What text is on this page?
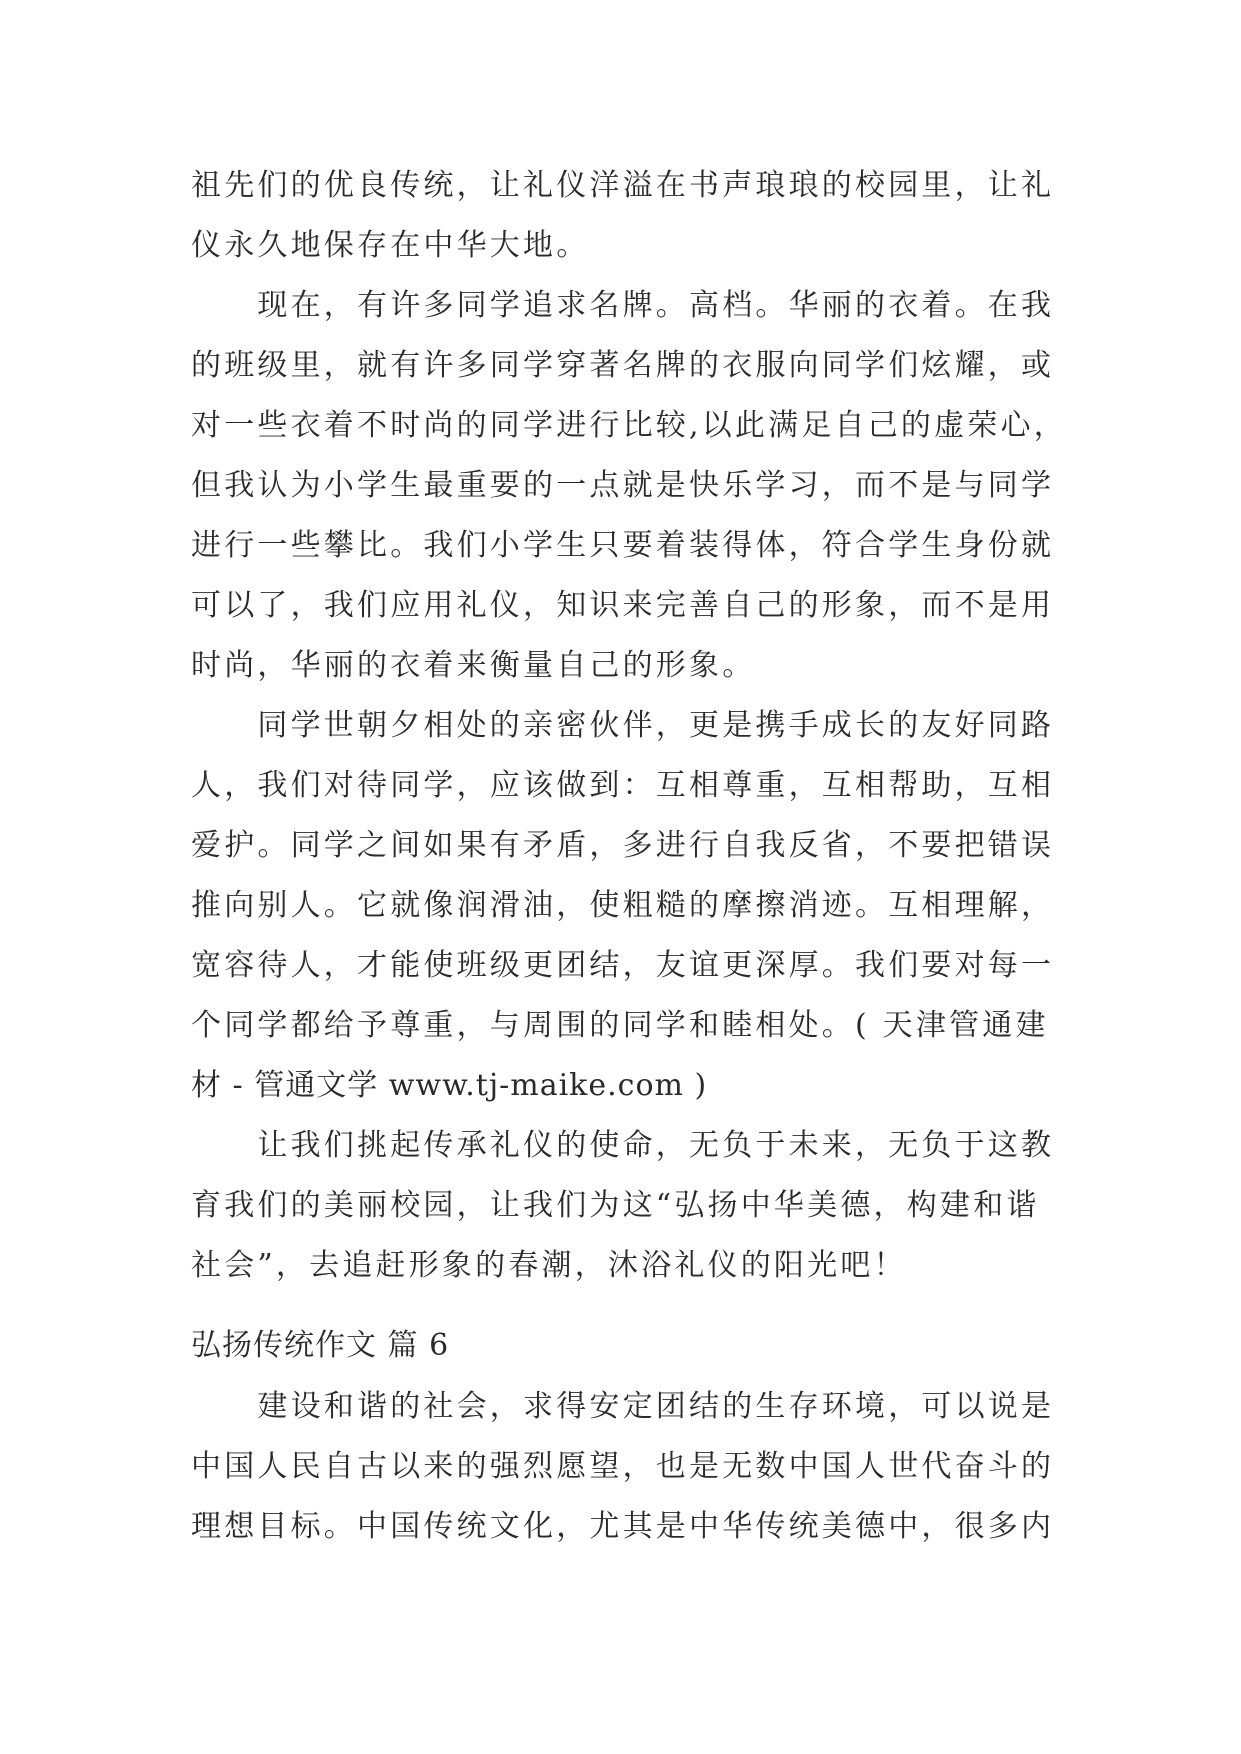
祖先们的优良传统，让礼仪洋溢在书声琅琅的校园里，让礼
仪永久地保存在中华大地。
　　现在，有许多同学追求名牌。高档。华丽的衣着。在我
的班级里，就有许多同学穿著名牌的衣服向同学们炫耀，或
对一些衣着不时尚的同学进行比较,以此满足自己的虚荣心，
但我认为小学生最重要的一点就是快乐学习，而不是与同学
进行一些攀比。我们小学生只要着装得体，符合学生身份就
可以了，我们应用礼仪，知识来完善自己的形象，而不是用
时尚，华丽的衣着来衡量自己的形象。
　　同学世朝夕相处的亲密伙伴，更是携手成长的友好同路
人，我们对待同学，应该做到：互相尊重，互相帮助，互相
爱护。同学之间如果有矛盾，多进行自我反省，不要把错误
推向别人。它就像润滑油，使粗糙的摩擦消迹。互相理解，
宽容待人，才能使班级更团结，友谊更深厚。我们要对每一
个同学都给予尊重，与周围的同学和睦相处。( 天津管通建
材 - 管通文学 www.tj-maike.com )
　　让我们挑起传承礼仪的使命，无负于未来，无负于这教
育我们的美丽校园，让我们为这“弘扬中华美德，构建和谐
社会”，去追赶形象的春潮，沐浴礼仪的阳光吧！
弘扬传统作文 篇 6
　　建设和谐的社会，求得安定团结的生存环境，可以说是
中国人民自古以来的强烈愿望，也是无数中国人世代奋斗的
理想目标。中国传统文化，尤其是中华传统美德中，很多内
